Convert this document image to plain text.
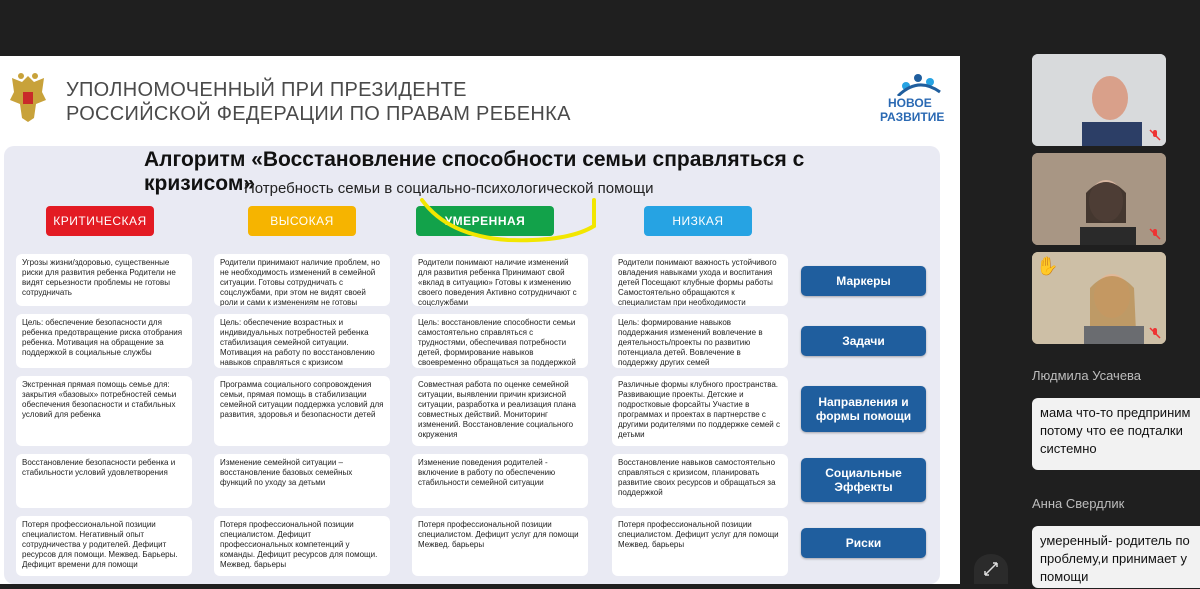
УПОЛНОМОЧЕННЫЙ ПРИ ПРЕЗИДЕНТЕ
РОССИЙСКОЙ ФЕДЕРАЦИИ ПО ПРАВАМ РЕБЕНКА	НОВОЕ
РАЗВИТИЕ
Алгоритм «Восстановление способности семьи справляться с кризисом»
Потребность семьи в социально-психологической помощи
КРИТИЧЕСКАЯ	ВЫСОКАЯ	УМЕРЕННАЯ	НИЗКАЯ
Угрозы жизни/здоровью, существенные риски для развития ребенка Родители не видят серьезности проблемы не готовы сотрудничать
Родители принимают наличие проблем, но не необходимость изменений в семейной ситуации. Готовы сотрудничать с соцслужбами, при этом не видят своей роли и сами к изменениям не готовы
Родители понимают наличие изменений для развития ребенка Принимают свой «вклад в ситуацию» Готовы к изменению своего поведения Активно сотрудничают с соцслужбами
Родители понимают важность устойчивого овладения навыками ухода и воспитания детей Посещают клубные формы работы Самостоятельно обращаются к специалистам при необходимости
Маркеры
Цель: обеспечение безопасности для ребенка предотвращение риска отобрания ребенка. Мотивация на обращение за поддержкой в социальные службы
Цель: обеспечение возрастных и индивидуальных потребностей ребенка стабилизация семейной ситуации. Мотивация на работу по восстановлению навыков справляться с кризисом
Цель: восстановление способности семьи самостоятельно справляться с трудностями, обеспечивая потребности детей, формирование навыков своевременно обращаться за поддержкой
Цель: формирование навыков поддержания изменений вовлечение в деятельность/проекты по развитию потенциала детей. Вовлечение в поддержку других семей
Задачи
Экстренная прямая помощь семье для: закрытия «базовых» потребностей семьи обеспечения безопасности и стабильных условий для ребенка
Программа социального сопровождения семьи, прямая помощь в стабилизации семейной ситуации поддержка условий для развития, здоровья и безопасности детей
Совместная работа по оценке семейной ситуации, выявлении причин кризисной ситуации, разработка и реализация плана совместных действий. Мониторинг изменений. Восстановление социального окружения
Различные формы клубного пространства. Развивающие проекты. Детские и подростковые форсайты Участие в программах и проектах в партнерстве с другими родителями по поддержке семей с детьми
Направления и формы помощи
Восстановление безопасности ребенка и стабильности условий удовлетворения
Изменение семейной ситуации – восстановление базовых семейных функций по уходу за детьми
Изменение поведения родителей - включение в работу по обеспечению стабильности семейной ситуации
Восстановление навыков самостоятельно справляться с кризисом, планировать развитие своих ресурсов и обращаться за поддержкой
Социальные Эффекты
Потеря профессиональной позиции специалистом. Негативный опыт сотрудничества у родителей. Дефицит ресурсов для помощи. Межвед. Барьеры. Дефицит времени для помощи
Потеря профессиональной позиции специалистом. Дефицит профессиональных компетенций у команды. Дефицит ресурсов для помощи. Межвед. барьеры
Потеря профессиональной позиции специалистом. Дефицит услуг для помощи Межвед. барьеры
Потеря профессиональной позиции специалистом. Дефицит услуг для помощи Межвед. барьеры	Риски
✋
Людмила Усачева
мама что-то предприним
потому что ее подталки
системно
Анна Свердлик
умеренный- родитель по
проблему,и принимает у
помощи
